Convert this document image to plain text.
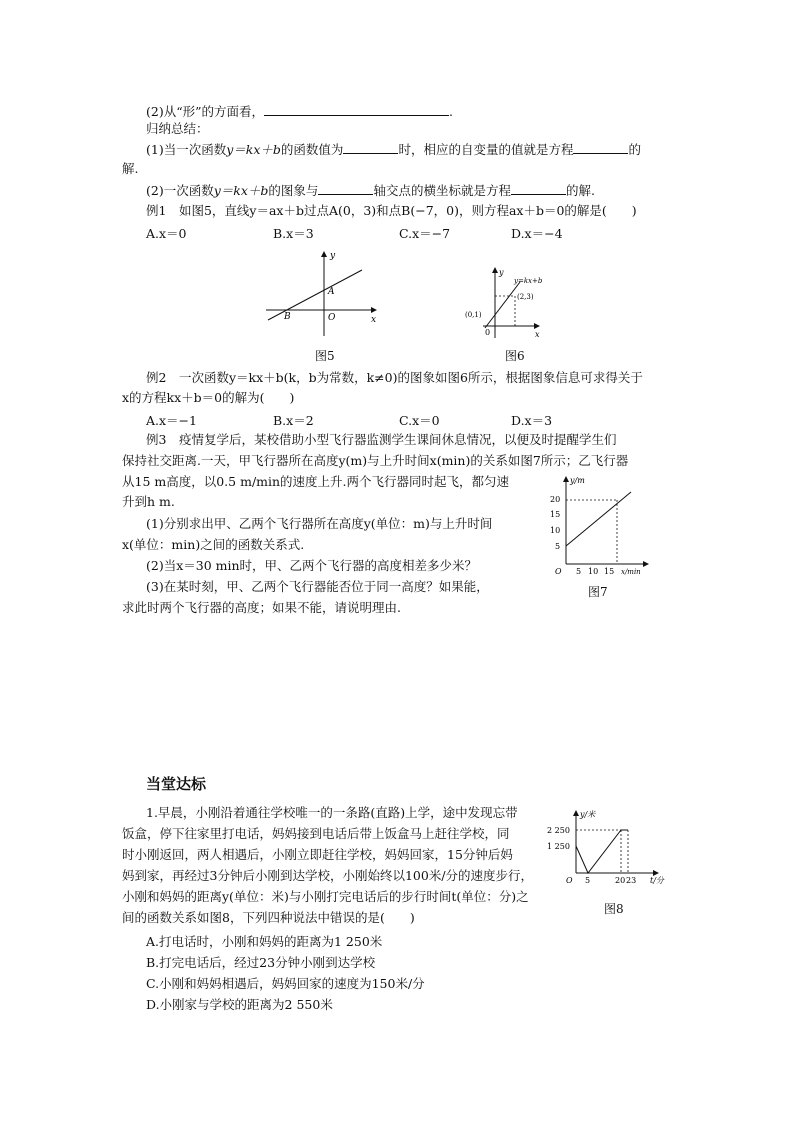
(2)从“形”的方面看，	.
归纳总结：
(1)当一次函数y＝kx＋b的函数值为	时，相应的自变量的值就是方程	的
解.
(2)一次函数y＝kx＋b的图象与	轴交点的横坐标就是方程	的解.
例1　如图5，直线y＝ax＋b过点A(0，3)和点B(−7，0)，则方程ax＋b＝0的解是(　　)
A.x＝0	B.x＝3	C.x＝−7	D.x＝−4
y
x
A
B	O
图5
y
y=kx+b
(2,3)
(0,1)
0	x
图6
例2　一次函数y＝kx＋b(k，b为常数，k≠0)的图象如图6所示，根据图象信息可求得关于
x的方程kx＋b＝0的解为(　　)
A.x＝−1	B.x＝2	C.x＝0	D.x＝3
例3　疫情复学后，某校借助小型飞行器监测学生课间休息情况，以便及时提醒学生们
保持社交距离.一天，甲飞行器所在高度y(m)与上升时间x(min)的关系如图7所示；乙飞行器
从15 m高度，以0.5 m/min的速度上升.两个飞行器同时起飞，都匀速
升到h m.
(1)分别求出甲、乙两个飞行器所在高度y(单位：m)与上升时间
x(单位：min)之间的函数关系式.
(2)当x＝30 min时，甲、乙两个飞行器的高度相差多少米？
(3)在某时刻，甲、乙两个飞行器能否位于同一高度？如果能，
求此时两个飞行器的高度；如果不能，请说明理由.
y/m
5
10
15
20
O 5 10 15 x/min
图7
当堂达标
1.早晨，小刚沿着通往学校唯一的一条路(直路)上学，途中发现忘带
饭盒，停下往家里打电话，妈妈接到电话后带上饭盒马上赶往学校，同
时小刚返回，两人相遇后，小刚立即赶往学校，妈妈回家，15分钟后妈
妈到家，再经过3分钟后小刚到达学校，小刚始终以100米/分的速度步行，
小刚和妈妈的距离y(单位：米)与小刚打完电话后的步行时间t(单位：分)之
间的函数关系如图8，下列四种说法中错误的是(　　)
A.打电话时，小刚和妈妈的距离为1 250米
B.打完电话后，经过23分钟小刚到达学校
C.小刚和妈妈相遇后，妈妈回家的速度为150米/分
D.小刚家与学校的距离为2 550米
y/米
2 250
1 250
O 5	20 23 t/分
图8
